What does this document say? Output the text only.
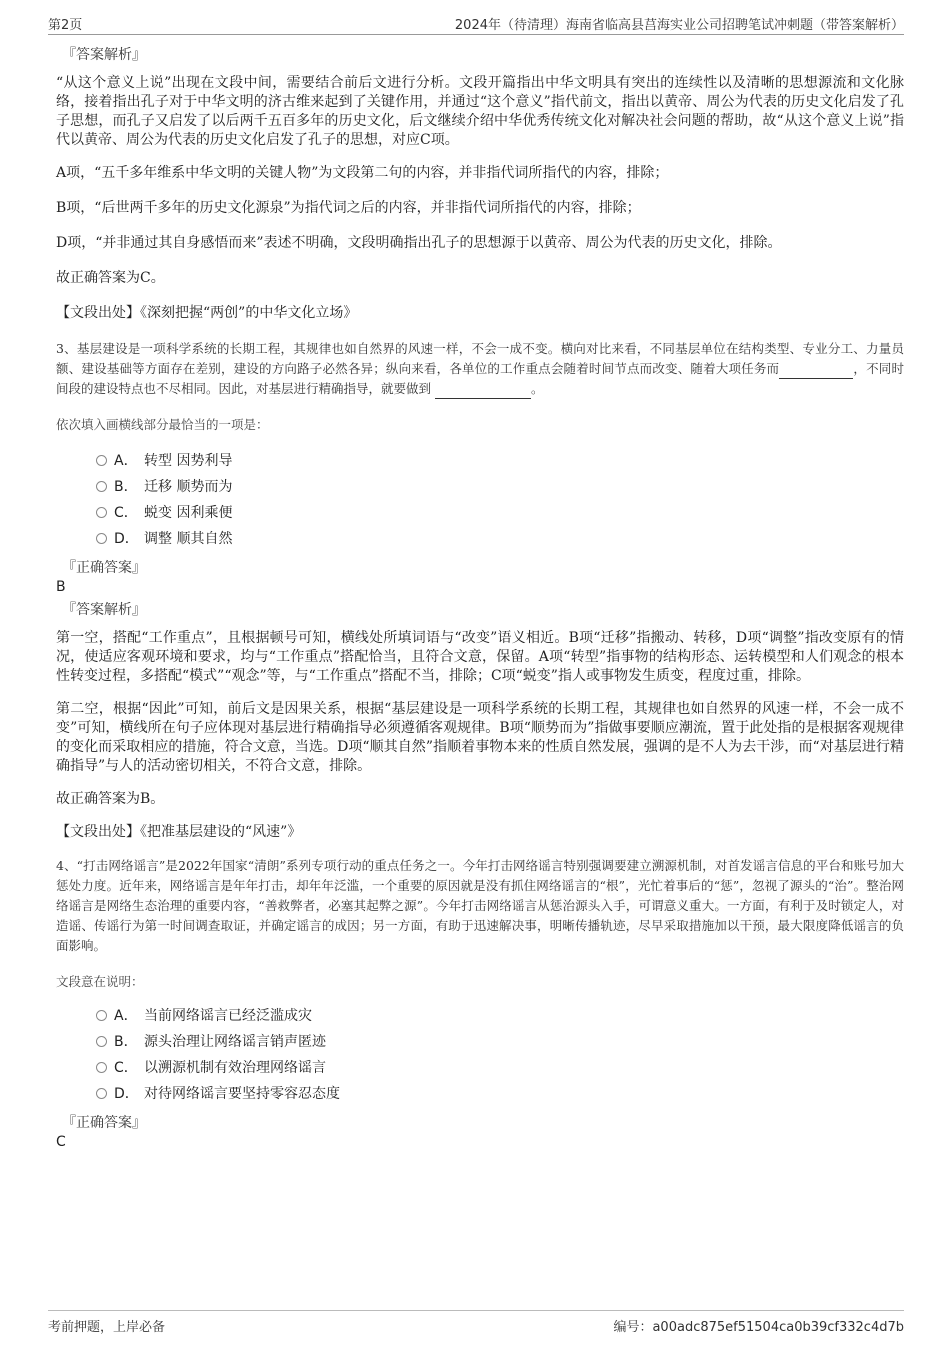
第2页	2024年（待清理）海南省临高县莒海实业公司招聘笔试冲刺题（带答案解析）
『答案解析』

“从这个意义上说”出现在文段中间，需要结合前后文进行分析。文段开篇指出中华文明具有突出的连续性以及清晰的思想源流和文化脉络，接着指出孔子对于中华文明的济古维来起到了关键作用，并通过“这个意义”指代前文，指出以黄帝、周公为代表的历史文化启发了孔子思想，而孔子又启发了以后两千五百多年的历史文化，后文继续介绍中华优秀传统文化对解决社会问题的帮助，故“从这个意义上说”指代以黄帝、周公为代表的历史文化启发了孔子的思想，对应C项。

A项，“五千多年维系中华文明的关键人物”为文段第二句的内容，并非指代词所指代的内容，排除；

B项，“后世两千多年的历史文化源泉”为指代词之后的内容，并非指代词所指代的内容，排除；

D项，“并非通过其自身感悟而来”表述不明确，文段明确指出孔子的思想源于以黄帝、周公为代表的历史文化，排除。

故正确答案为C。

【文段出处】《深刻把握“两创”的中华文化立场》

3、基层建设是一项科学系统的长期工程，其规律也如自然界的风速一样，不会一成不变。横向对比来看，不同基层单位在结构类型、专业分工、力量员额、建设基础等方面存在差别，建设的方向路子必然各异；纵向来看，各单位的工作重点会随着时间节点而改变、随着大项任务而	，不同时间段的建设特点也不尽相同。因此，对基层进行精确指导，就要做到	。

依次填入画横线部分最恰当的一项是：

A． 转型 因势利导
B． 迁移 顺势而为
C． 蜕变 因利乘便
D． 调整 顺其自然
『正确答案』

B

『答案解析』

第一空，搭配“工作重点”，且根据顿号可知，横线处所填词语与“改变”语义相近。B项“迁移”指搬动、转移，D项“调整”指改变原有的情况，使适应客观环境和要求，均与“工作重点”搭配恰当，且符合文意，保留。A项“转型”指事物的结构形态、运转模型和人们观念的根本性转变过程，多搭配“模式”“观念”等，与“工作重点”搭配不当，排除；C项“蜕变”指人或事物发生质变，程度过重，排除。

第二空，根据“因此”可知，前后文是因果关系，根据“基层建设是一项科学系统的长期工程，其规律也如自然界的风速一样，不会一成不变”可知，横线所在句子应体现对基层进行精确指导必须遵循客观规律。B项“顺势而为”指做事要顺应潮流，置于此处指的是根据客观规律的变化而采取相应的措施，符合文意，当选。D项“顺其自然”指顺着事物本来的性质自然发展，强调的是不人为去干涉，而“对基层进行精确指导”与人的活动密切相关，不符合文意，排除。

故正确答案为B。

【文段出处】《把准基层建设的“风速”》

4、“打击网络谣言”是2022年国家“清朗”系列专项行动的重点任务之一。今年打击网络谣言特别强调要建立溯源机制，对首发谣言信息的平台和账号加大惩处力度。近年来，网络谣言是年年打击，却年年泛滥，一个重要的原因就是没有抓住网络谣言的“根”，光忙着事后的“惩”，忽视了源头的“治”。整治网络谣言是网络生态治理的重要内容，“善救弊者，必塞其起弊之源”。今年打击网络谣言从惩治源头入手，可谓意义重大。一方面，有利于及时锁定人，对造谣、传谣行为第一时间调查取证，并确定谣言的成因；另一方面，有助于迅速解决事，明晰传播轨迹，尽早采取措施加以干预，最大限度降低谣言的负面影响。

文段意在说明：

A． 当前网络谣言已经泛滥成灾
B． 源头治理让网络谣言销声匿迹
C． 以溯源机制有效治理网络谣言
D． 对待网络谣言要坚持零容忍态度
『正确答案』

C

考前押题，上岸必备	编号：a00adc875ef51504ca0b39cf332c4d7b
